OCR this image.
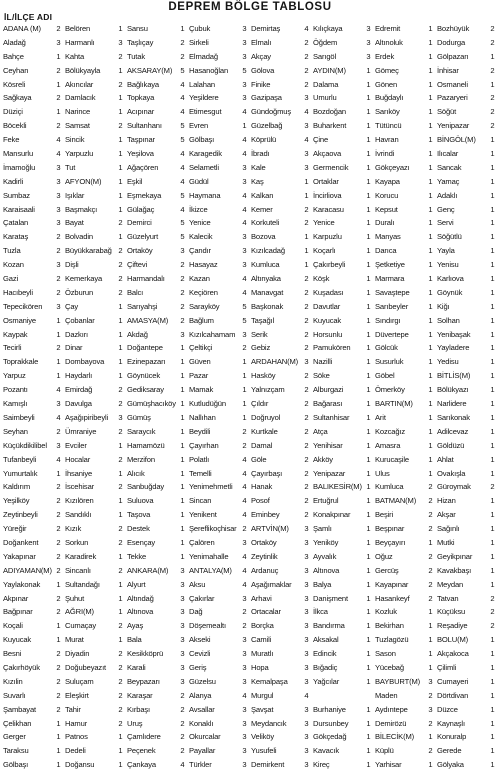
DEPREM BÖLGE TABLOSU
İL/İLÇE ADI
ADANA (M)	2 Belören	1 Sansu	1 Çubuk	3 Demirtaş	4 Kılıçkaya	3 Edremit	1 Bozhüyük	2
Aladağ	3 Harmanlı	3 Taşlıçay	2 Sirkeli	3 Elmalı	2 Öğdem	3 Altınoluk	1 Dodurga	2
Bahçe	1 Kahta	2 Tutak	2 Elmadağ	3 Akçay	2 Sarıgöl	3 Erdek	1 Gölpazarı	1
Ceyhan	2 Bölükyayla	1 AKSARAY(M)	5 Hasanoğlan	5 Gölova	2 AYDIN(M)	1 Gömeç	1 İnhisar	2
Kösreli	1 Akıncılar	2 Bağlıkaya	4 Lalahan	3 Finike	2 Dalama	1 Gönen	1 Osmaneli	1
Sağkaya	2 Damlacık	1 Topkaya	4 Yeşildere	3 Gazipaşa	3 Umurlu	1 Buğdaylı	1 Pazaryeri	2
Düziçi	1 Narince	1 Acıpınar	4 Etimesgut	4 Gündoğmuş	4 Bozdoğan	1 Sarıköy	1 Söğüt	2
Böcekli	2 Samsat	2 Sultanhanı	5 Evren	1 Güzelbağ	3 Buharkent	1 Tütüncü	1 Yenipazar	2
Feke	4 Sincik	1 Taşpınar	5 Gölbaşı	4 Köprülü	4 Çine	1 Havran	1 BİNGÖL(M)	1
Mansurlu	4 Yarpuzlu	1 Yeşilova	4 Karagedik	4 İbradı	3 Akçaova	1 İvrindi	1 Ilıcalar	1
İmamoğlu	3 Tut	1 Ağaçören	4 Selametli	3 Kale	3 Germencik	1 Gökçeyazı	1 Sancak	1
Kadirli	3 AFYON(M)	1 Eşkil	4 Güdül	3 Kaş	1 Ortaklar	1 Kayapa	1 Yamaç	1
Sumbaz	3 Işıklar	1 Eşmekaya	5 Haymana	4 Kalkan	1 İncirliova	1 Korucu	1 Adaklı	1
Karaisaali	3 Başmakçı	1 Gülağaç	4 İkizce	4 Kemer	2 Karacasu	1 Kepsut	1 Genç	1
Çatalan	3 Bayat	2 Demirci	5 Yenice	4 Korkuteli	2 Yenice	1 Duralı	1 Servi	1
Karataş	2 Bolvadin	1 Güzelyurt	5 Kalecik	3 Bozova	1 Karpuzlu	1 Manyas	1 Söğütlü	1
Tuzla	2 Büyükkarabağ 2 Ortaköy	3 Çandır	3 Kızılcadağ	1 Koçarlı	1 Darıca	1 Yayla	1
Kozan	3 Dişli	2 Çiftevi	2 Hasayaz	3 Kumluca	1 Çakırbeyli	1 Şetketiye	1 Yenisu	1
Gazi	2 Kemerkaya	2 Harmandalı	2 Kazan	4 Altınyaka	2 Köşk	1 Marmara	1 Karlıova	1
Hacıbeyli	2 Özburun	2 Balcı	2 Keçiören	4 Manavgat	2 Kuşadası	1 Savaştepe	1 Göynük	1
Tepecikören	3 Çay	1 Sarıyahşi	2 Sarayköy	5 Başkonak	2 Davutlar	1 Sarıbeyler	1 Kiğı	1
Osmaniye	1 Çobanlar	1 AMASYA(M)	2 Bağlum	5 Taşağıl	2 Kuyucak	1 Sındırgı	1 Solhan	1
Kaypak	1 Dazkırı	1 Akdağ	3 Kızılcahamam 3 Serik	2 Horsunlu	1 Düvertepe	1 Yenibaşak	1
Tecirli	2 Dinar	1 Doğantepe	1 Çeltikçi	2 Gebiz	2 Pamukören	1 Gölcük	1 Yayladere	1
Toprakkale	1 Dombayova	1 Ezinepazarı	1 Güven	1 ARDAHAN(M) 3 Nazilli	1 Susurluk	1 Yedisu	1
Yarpuz	1 Haydarlı	1 Göynücek	1 Pazar	1 Hasköy	2 Söke	1 Göbel	1 BİTLİS(M)	1
Pozantı	4 Emirdağ	2 Gediksaray	1 Mamak	1 Yalnızçam	2 Alburgazi	1 Ömerköy	1 Bölükyazı	1
Kamışlı	3 Davulga	2 Gümüşhacıköy 1 Kutludüğün	1 Çıldır	2 Bağarası	1 BARTIN(M)	1 Narlidere	1
Saimbeyli	4 Aşağıpiribeyli	3 Gümüş	1 Nallıhan	1 Doğruyol	2 Sultanhisar	1 Arit	1 Sarıkonak	1
Seyhan	2 Ümraniye	2 Saraycık	1 Beydili	2 Kurtkale	2 Atça	1 Kozcağız	1 Adilcevaz	1
Küçükdikilibel	3 Evciler	1 Hamamözü	1 Çayırhan	2 Damal	2 Yenihisar	1 Amasra	1 Göldüzü	1
Tufanbeyli	4 Hocalar	2 Merzifon	1 Polatlı	4 Göle	2 Akköy	1 Kurucaşile	1 Ahlat	1
Yumurtalık	1 İhsaniye	1 Alıcık	1 Temelli	4 Çayırbaşı	2 Yenipazar	1 Ulus	1 Ovakışla	1
Kaldırım	2 İscehisar	2 Sanbuğday	1 Yenimehmetli	4 Hanak	2 BALIKESİR(M) 1 Kumluca	2 Güroymak	2
Yeşilköy	2 Kızılören	1 Suluova	1 Sincan	4 Posof	2 Ertuğrul	1 BATMAN(M)	2 Hizan	1
Zeytinbeyli	2 Sandıklı	1 Taşova	1 Yenikent	4 Eminbey	2 Konakpınar	1 Beşiri	2 Akşar	1
Yüreğir	2 Kızık	2 Destek	1 Şereflikoçhisar 2 ARTVİN(M)	3 Şamlı	1 Beşpınar	2 Sağınlı	1
Doğankent	2 Sorkun	2 Esençay	1 Çalören	3 Ortaköy	3 Yeniköy	1 Beyçayırı	1 Mutki	1
Yakapınar	2 Karadirek	1 Tekke	1 Yenimahalle	4 Zeytinlik	3 Ayvalık	1 Oğuz	2 Geyikpınar	1
ADIYAMAN(M) 2 Sincanlı	2 ANKARA(M)	3 ANTALYA(M)	4 Ardanuç	3 Altınova	1 Gercüş	2 Kavakbaşı	1
Yaylakonak	1 Sultandağı	1 Alyurt	3 Aksu	4 Aşağımaklar	3 Balya	1 Kayapınar	2 Meydan	1
Akpınar	2 Şuhut	1 Altındağ	3 Çakırlar	3 Arhavi	3 Danişment	1 Hasankeyf	2 Tatvan	2
Bağpınar	2 AĞRI(M)	1 Altınova	3 Dağ	2 Ortacalar	3 İlkca	1 Kozluk	1 Küçüksu	2
Koçali	1 Cumaçay	2 Ayaş	3 Döşemealtı	2 Borçka	3 Bandırma	1 Bekirhan	1 Reşadiye	2
Kuyucak	1 Murat	1 Bala	3 Akseki	3 Camili	3 Aksakal	1 Tuzlagözü	1 BOLU(M)	1
Besni	2 Diyadin	2 Kesikköprü	3 Cevizli	3 Muratlı	3 Edincik	1 Sason	1 Akçakoca	1
Çakırhöyük	2 Doğubeyazıt	2 Karali	3 Geriş	3 Hopa	3 Bığadiç	1 Yücebağ	1 Çilimli	1
Kızılin	2 Suluçam	2 Beypazarı	3 Güzelsu	3 Kemalpaşa	3 Yağcılar	1 BAYBURT(M)	3 Cumayeri	1
Suvarlı	2 Eleşkirt	2 Karaşar	2 Alanya	4 Murgul	4	Maden	2 Dörtdivan	1
Şambayat	2 Tahir	2 Kırbaşı	2 Avsallar	3 Şavşat	3 Burhaniye	1 Aydıntepe	3 Düzce	1
Çelikhan	1 Hamur	2 Uruş	2 Konaklı	3 Meydancık	3 Dursunbey	1 Demirözü	2 Kaynaşlı	1
Gerger	1 Patnos	1 Çamlıdere	2 Okurcalar	3 Veliköy	3 Gökçedağ	1 BİLECİK(M)	1 Konuralp	1
Taraksu	1 Dedeli	1 Peçenek	2 Payallar	3 Yusufeli	3 Kavacık	1 Küplü	2 Gerede	1
Gölbaşı	1 Doğansu	1 Çankaya	4 Türkler	3 Demirkent	3 Kireç	1 Yarhisar	1 Gölyaka	1
